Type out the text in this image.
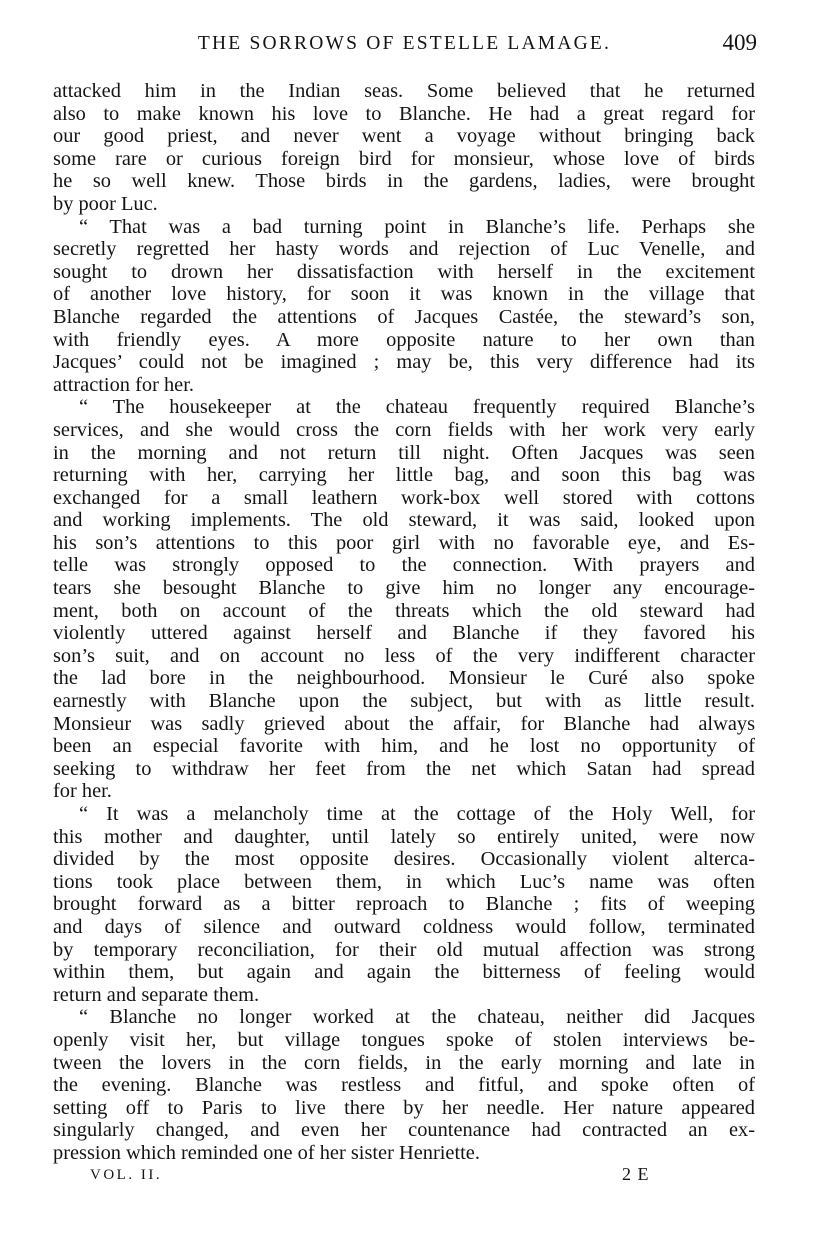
THE SORROWS OF ESTELLE LAMAGE.	409
attacked him in the Indian seas. Some believed that he returned
also to make known his love to Blanche. He had a great regard for
our good priest, and never went a voyage without bringing back
some rare or curious foreign bird for monsieur, whose love of birds
he so well knew. Those birds in the gardens, ladies, were brought
by poor Luc.
“ That was a bad turning point in Blanche’s life. Perhaps she
secretly regretted her hasty words and rejection of Luc Venelle, and
sought to drown her dissatisfaction with herself in the excitement
of another love history, for soon it was known in the village that
Blanche regarded the attentions of Jacques Castée, the steward’s son,
with friendly eyes. A more opposite nature to her own than
Jacques’ could not be imagined ; may be, this very difference had its
attraction for her.
“ The housekeeper at the chateau frequently required Blanche’s
services, and she would cross the corn fields with her work very early
in the morning and not return till night. Often Jacques was seen
returning with her, carrying her little bag, and soon this bag was
exchanged for a small leathern work-box well stored with cottons
and working implements. The old steward, it was said, looked upon
his son’s attentions to this poor girl with no favorable eye, and Es-
telle was strongly opposed to the connection. With prayers and
tears she besought Blanche to give him no longer any encourage-
ment, both on account of the threats which the old steward had
violently uttered against herself and Blanche if they favored his
son’s suit, and on account no less of the very indifferent character
the lad bore in the neighbourhood. Monsieur le Curé also spoke
earnestly with Blanche upon the subject, but with as little result.
Monsieur was sadly grieved about the affair, for Blanche had always
been an especial favorite with him, and he lost no opportunity of
seeking to withdraw her feet from the net which Satan had spread
for her.
“ It was a melancholy time at the cottage of the Holy Well, for
this mother and daughter, until lately so entirely united, were now
divided by the most opposite desires. Occasionally violent alterca-
tions took place between them, in which Luc’s name was often
brought forward as a bitter reproach to Blanche ; fits of weeping
and days of silence and outward coldness would follow, terminated
by temporary reconciliation, for their old mutual affection was strong
within them, but again and again the bitterness of feeling would
return and separate them.
“ Blanche no longer worked at the chateau, neither did Jacques
openly visit her, but village tongues spoke of stolen interviews be-
tween the lovers in the corn fields, in the early morning and late in
the evening. Blanche was restless and fitful, and spoke often of
setting off to Paris to live there by her needle. Her nature appeared
singularly changed, and even her countenance had contracted an ex-
pression which reminded one of her sister Henriette.
VOL. II.	2 E
